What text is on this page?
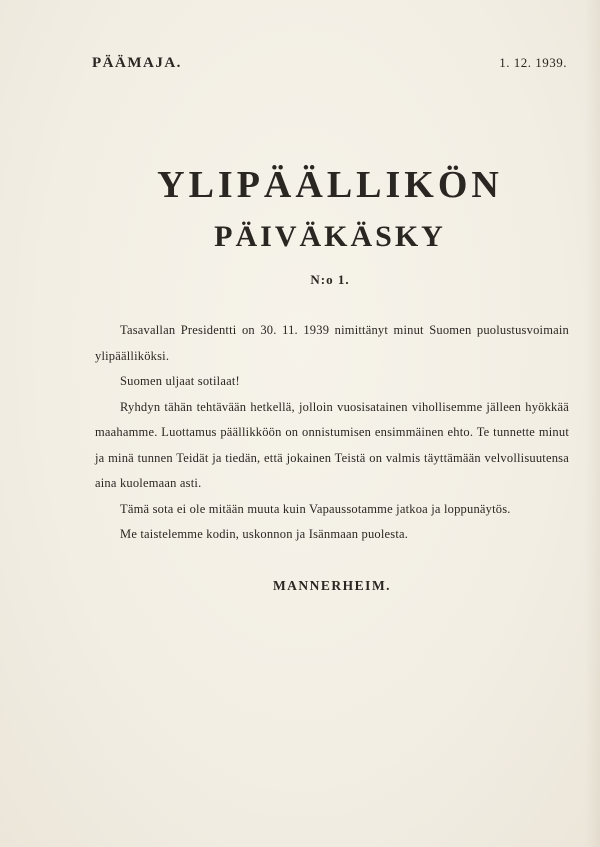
PÄÄMAJA.	1. 12. 1939.
YLIPÄÄLLIKÖN
PÄIVÄKÄSKY
N:o 1.

Tasavallan Presidentti on 30. 11. 1939 nimittänyt minut Suomen puolustusvoimain ylipäälliköksi.

Suomen uljaat sotilaat!

Ryhdyn tähän tehtävään hetkellä, jolloin vuosisatainen vihollisemme jälleen hyökkää maahamme. Luottamus päällikköön on onnistumisen ensimmäinen ehto. Te tunnette minut ja minä tunnen Teidät ja tiedän, että jokainen Teistä on valmis täyttämään velvollisuutensa aina kuolemaan asti.

Tämä sota ei ole mitään muuta kuin Vapaussotamme jatkoa ja loppunäytös.

Me taistelemme kodin, uskonnon ja Isänmaan puolesta.

MANNERHEIM.
